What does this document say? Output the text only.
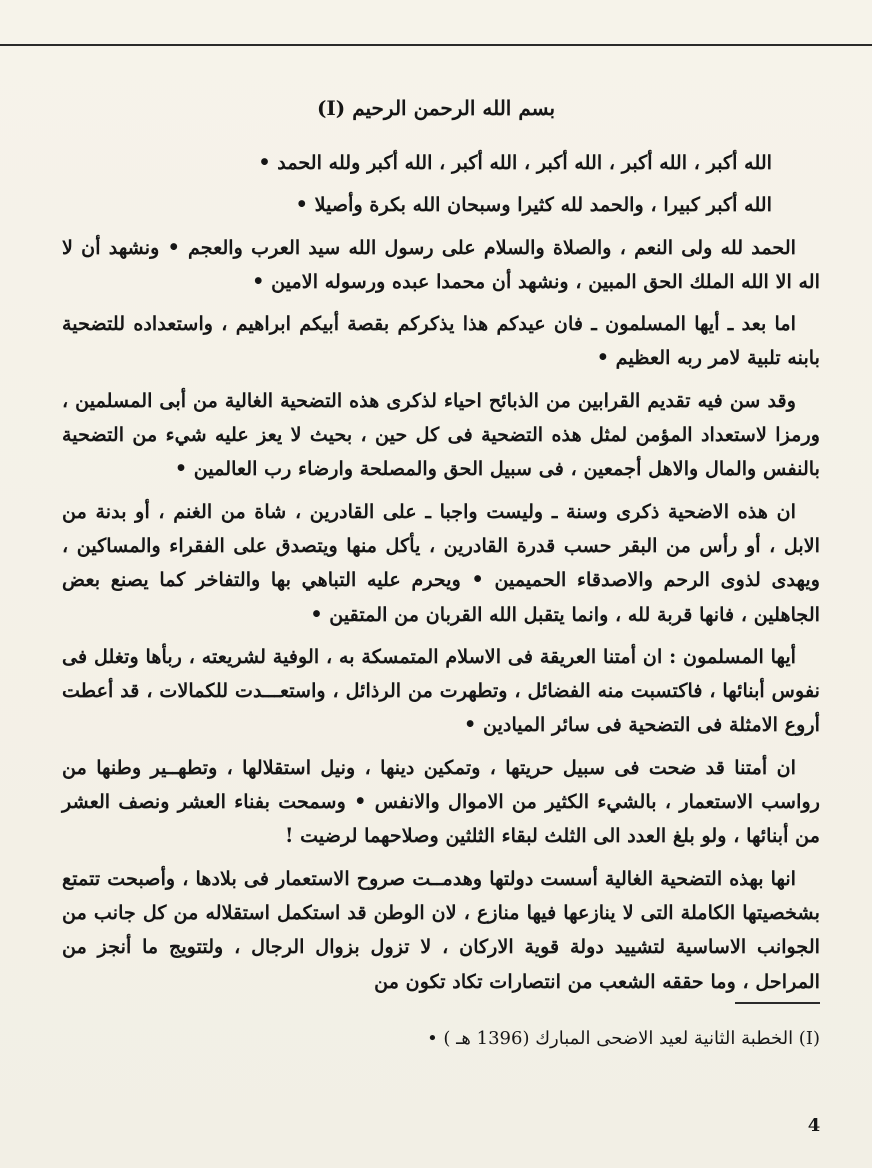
بسم الله الرحمن الرحيم (I)

الله أكبر ، الله أكبر ، الله أكبر ، الله أكبر ، الله أكبر ولله الحمد •

الله أكبر كبيرا ، والحمد لله كثيرا وسبحان الله بكرة وأصيلا •

الحمد لله ولى النعم ، والصلاة والسلام على رسول الله سيد العرب والعجم • ونشهد أن لا اله الا الله الملك الحق المبين ، ونشهد أن محمدا عبده ورسوله الامين •

اما بعد ـ أيها المسلمون ـ فان عيدكم هذا يذكركم بقصة أبيكم ابراهيم ، واستعداده للتضحية بابنه تلبية لامر ربه العظيم •

وقد سن فيه تقديم القرابين من الذبائح احياء لذكرى هذه التضحية الغالية من أبى المسلمين ، ورمزا لاستعداد المؤمن لمثل هذه التضحية فى كل حين ، بحيث لا يعز عليه شيء من التضحية بالنفس والمال والاهل أجمعين ، فى سبيل الحق والمصلحة وارضاء رب العالمين •

ان هذه الاضحية ذكرى وسنة ـ وليست واجبا ـ على القادرين ، شاة من الغنم ، أو بدنة من الابل ، أو رأس من البقر حسب قدرة القادرين ، يأكل منها ويتصدق على الفقراء والمساكين ، ويهدى لذوى الرحم والاصدقاء الحميمين • ويحرم عليه التباهي بها والتفاخر كما يصنع بعض الجاهلين ، فانها قربة لله ، وانما يتقبل الله القربان من المتقين •

أيها المسلمون : ان أمتنا العريقة فى الاسلام المتمسكة به ، الوفية لشريعته ، ربأها وتغلل فى نفوس أبنائها ، فاكتسبت منه الفضائل ، وتطهرت من الرذائل ، واستعـــدت للكمالات ، قد أعطت أروع الامثلة فى التضحية فى سائر الميادين •

ان أمتنا قد ضحت فى سبيل حريتها ، وتمكين دينها ، ونيل استقلالها ، وتطهــير وطنها من رواسب الاستعمار ، بالشيء الكثير من الاموال والانفس • وسمحت بفناء العشر ونصف العشر من أبنائها ، ولو بلغ العدد الى الثلث لبقاء الثلثين وصلاحهما لرضيت !

انها بهذه التضحية الغالية أسست دولتها وهدمــت صروح الاستعمار فى بلادها ، وأصبحت تتمتع بشخصيتها الكاملة التى لا ينازعها فيها منازع ، لان الوطن قد استكمل استقلاله من كل جانب من الجوانب الاساسية لتشييد دولة قوية الاركان ، لا تزول بزوال الرجال ، ولتتويج ما أنجز من المراحل ، وما حققه الشعب من انتصارات تكاد تكون من

(I) الخطبة الثانية لعيد الاضحى المبارك (1396 هـ ) •
4
